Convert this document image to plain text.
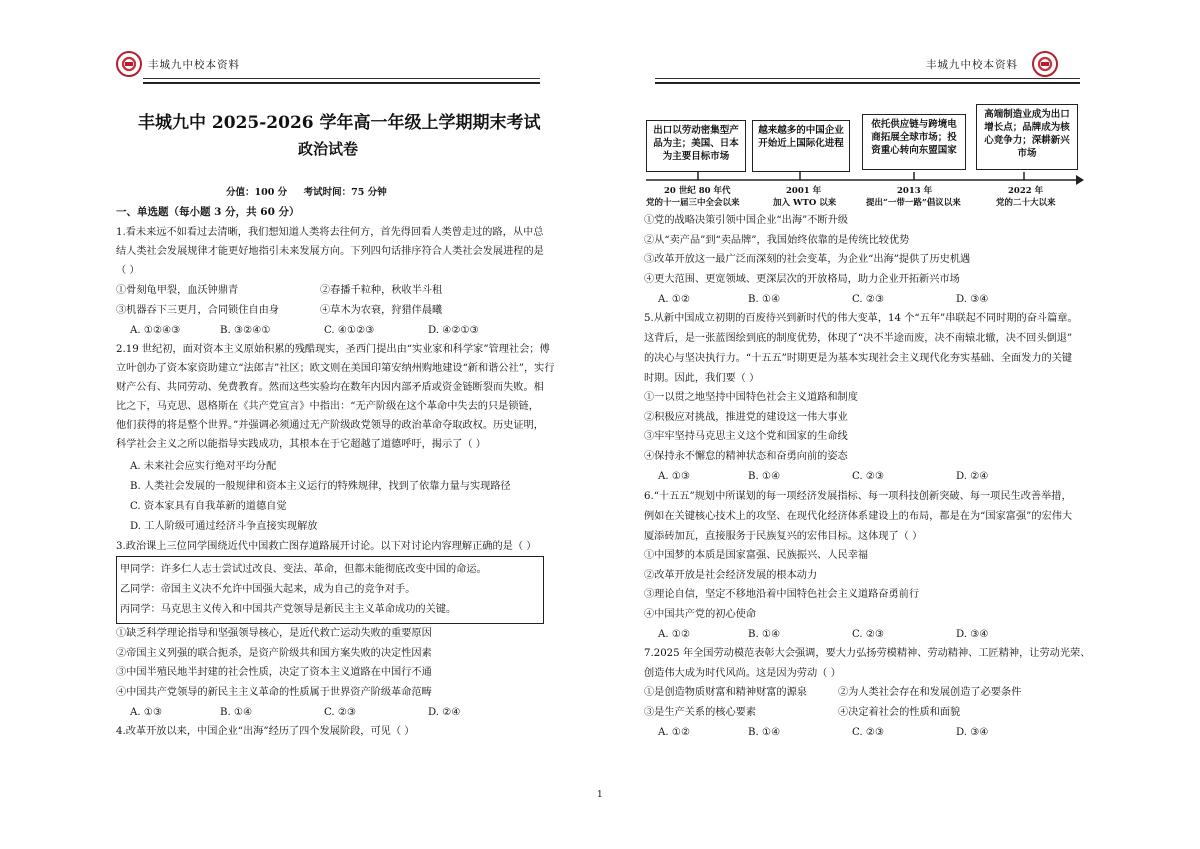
丰城九中校本资料
丰城九中 2025-2026 学年高一年级上学期期末考试
政治试卷
分值：100 分     考试时间：75 分钟
一、单选题（每小题 3 分，共 60 分）
1.看未来远不如看过去清晰，我们想知道人类将去往何方，首先得回看人类曾走过的路，从中总
结人类社会发展规律才能更好地指引未来发展方向。下列四句话排序符合人类社会发展进程的是
（ ）
①骨刻龟甲裂，血沃钟鼎青	②春播千粒种，秋收半斗租
③机器吞下三更月，合同锁住自由身	④草木为农衰，狩猎伴晨曦
A. ①②④③	B. ③②④①	C. ④①②③	D. ④②①③
2.19 世纪初，面对资本主义原始积累的残酷现实，圣西门提出由“实业家和科学家”管理社会；傅
立叶创办了资本家资助建立“法郎吉”社区；欧文则在美国印第安纳州购地建设“新和谐公社”，实行
财产公有、共同劳动、免费教育。然而这些实验均在数年内因内部矛盾或资金链断裂而失败。相
比之下，马克思、恩格斯在《共产党宣言》中指出：“无产阶级在这个革命中失去的只是锁链，
他们获得的将是整个世界。”并强调必须通过无产阶级政党领导的政治革命夺取政权。历史证明，
科学社会主义之所以能指导实践成功，其根本在于它超越了道德呼吁，揭示了（ ）
A. 未来社会应实行绝对平均分配
B. 人类社会发展的一般规律和资本主义运行的特殊规律，找到了依靠力量与实现路径
C. 资本家具有自我革新的道德自觉
D. 工人阶级可通过经济斗争直接实现解放
3.政治课上三位同学围绕近代中国救亡图存道路展开讨论。以下对讨论内容理解正确的是（ ）
甲同学：许多仁人志士尝试过改良、变法、革命，但都未能彻底改变中国的命运。
乙同学：帝国主义决不允许中国强大起来，成为自己的竞争对手。
丙同学：马克思主义传入和中国共产党领导是新民主主义革命成功的关键。
①缺乏科学理论指导和坚强领导核心，是近代救亡运动失败的重要原因
②帝国主义列强的联合扼杀，是资产阶级共和国方案失败的决定性因素
③中国半殖民地半封建的社会性质，决定了资本主义道路在中国行不通
④中国共产党领导的新民主主义革命的性质属于世界资产阶级革命范畴
A. ①③	B. ①④	C. ②③	D. ②④
4.改革开放以来，中国企业“出海”经历了四个发展阶段，可见（ ）
丰城九中校本资料
出口以劳动密集型产品为主；美国、日本为主要目标市场
越来越多的中国企业开始近上国际化进程
依托供应链与跨境电商拓展全球市场；投资重心转向东盟国家
高端制造业成为出口增长点；品牌成为核心竞争力；深耕新兴市场
20 世纪 80 年代
党的十一届三中全会以来
2001 年
加入 WTO 以来
2013 年
提出“一带一路”倡议以来
2022 年
党的二十大以来
①党的战略决策引领中国企业“出海”不断升级
②从“卖产品”到“卖品牌”，我国始终依靠的是传统比较优势
③改革开放这一最广泛而深刻的社会变革，为企业“出海”提供了历史机遇
④更大范围、更宽领域、更深层次的开放格局，助力企业开拓新兴市场
A. ①②	B. ①④	C. ②③	D. ③④
5.从新中国成立初期的百废待兴到新时代的伟大变革，14 个“五年”串联起不同时期的奋斗篇章。
这背后，是一张蓝图绘到底的制度优势，体现了“决不半途而废，决不南辕北辙，决不回头倒退”
的决心与坚决执行力。“十五五”时期更是为基本实现社会主义现代化夯实基础、全面发力的关键
时期。因此，我们要（ ）
①一以贯之地坚持中国特色社会主义道路和制度
②积极应对挑战，推进党的建设这一伟大事业
③牢牢坚持马克思主义这个党和国家的生命线
④保持永不懈怠的精神状态和奋勇向前的姿态
A. ①③	B. ①④	C. ②③	D. ②④
6.“十五五”规划中所谋划的每一项经济发展指标、每一项科技创新突破、每一项民生改善举措，
例如在关键核心技术上的攻坚、在现代化经济体系建设上的布局，都是在为“国家富强”的宏伟大
厦添砖加瓦，直接服务于民族复兴的宏伟目标。这体现了（ ）
①中国梦的本质是国家富强、民族振兴、人民幸福
②改革开放是社会经济发展的根本动力
③理论自信，坚定不移地沿着中国特色社会主义道路奋勇前行
④中国共产党的初心使命
A. ①②	B. ①④	C. ②③	D. ③④
7.2025 年全国劳动模范表彰大会强调，要大力弘扬劳模精神、劳动精神、工匠精神，让劳动光荣、
创造伟大成为时代风尚。这是因为劳动（ ）
①是创造物质财富和精神财富的源泉	②为人类社会存在和发展创造了必要条件
③是生产关系的核心要素	④决定着社会的性质和面貌
A. ①②	B. ①④	C. ②③	D. ③④
1
